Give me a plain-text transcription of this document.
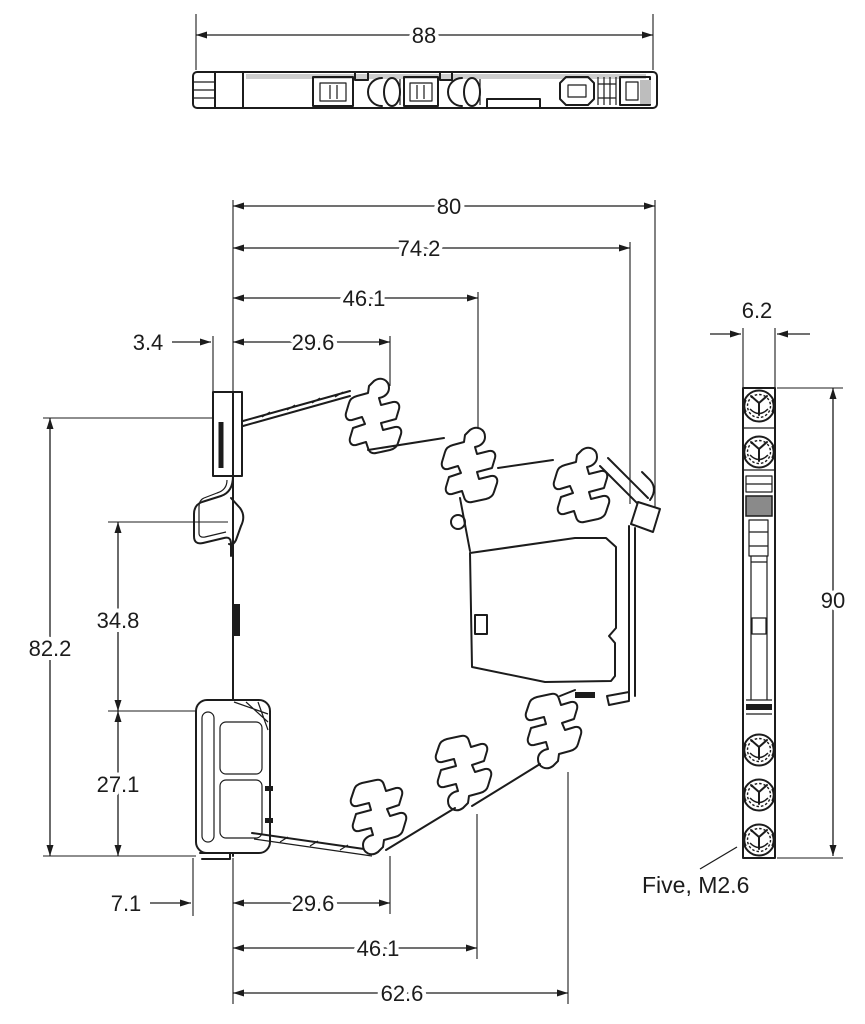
88
80
74.2
46.1
29.6
3.4
82.2
34.8
27.1
7.1	29.6
46.1
62.6
6.2
90
Five, M2.6
